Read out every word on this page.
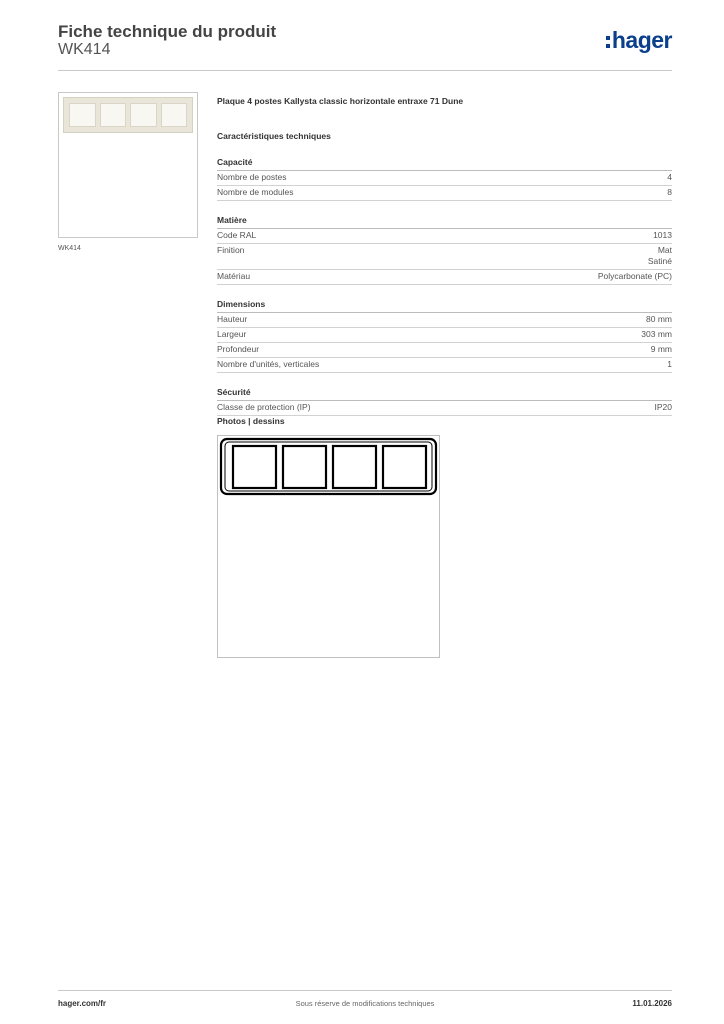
Fiche technique du produit
WK414	hager
WK414
Plaque 4 postes Kallysta classic horizontale entraxe 71 Dune
Caractéristiques techniques
Capacité
Nombre de postes	4
Nombre de modules	8
Matière
Code RAL	1013
Finition	Mat
Satiné
Matériau	Polycarbonate (PC)
Dimensions
Hauteur	80 mm
Largeur	303 mm
Profondeur	9 mm
Nombre d'unités, verticales	1
Sécurité
Classe de protection (IP)	IP20
Photos | dessins
hager.com/fr	Sous réserve de modifications techniques	11.01.2026
